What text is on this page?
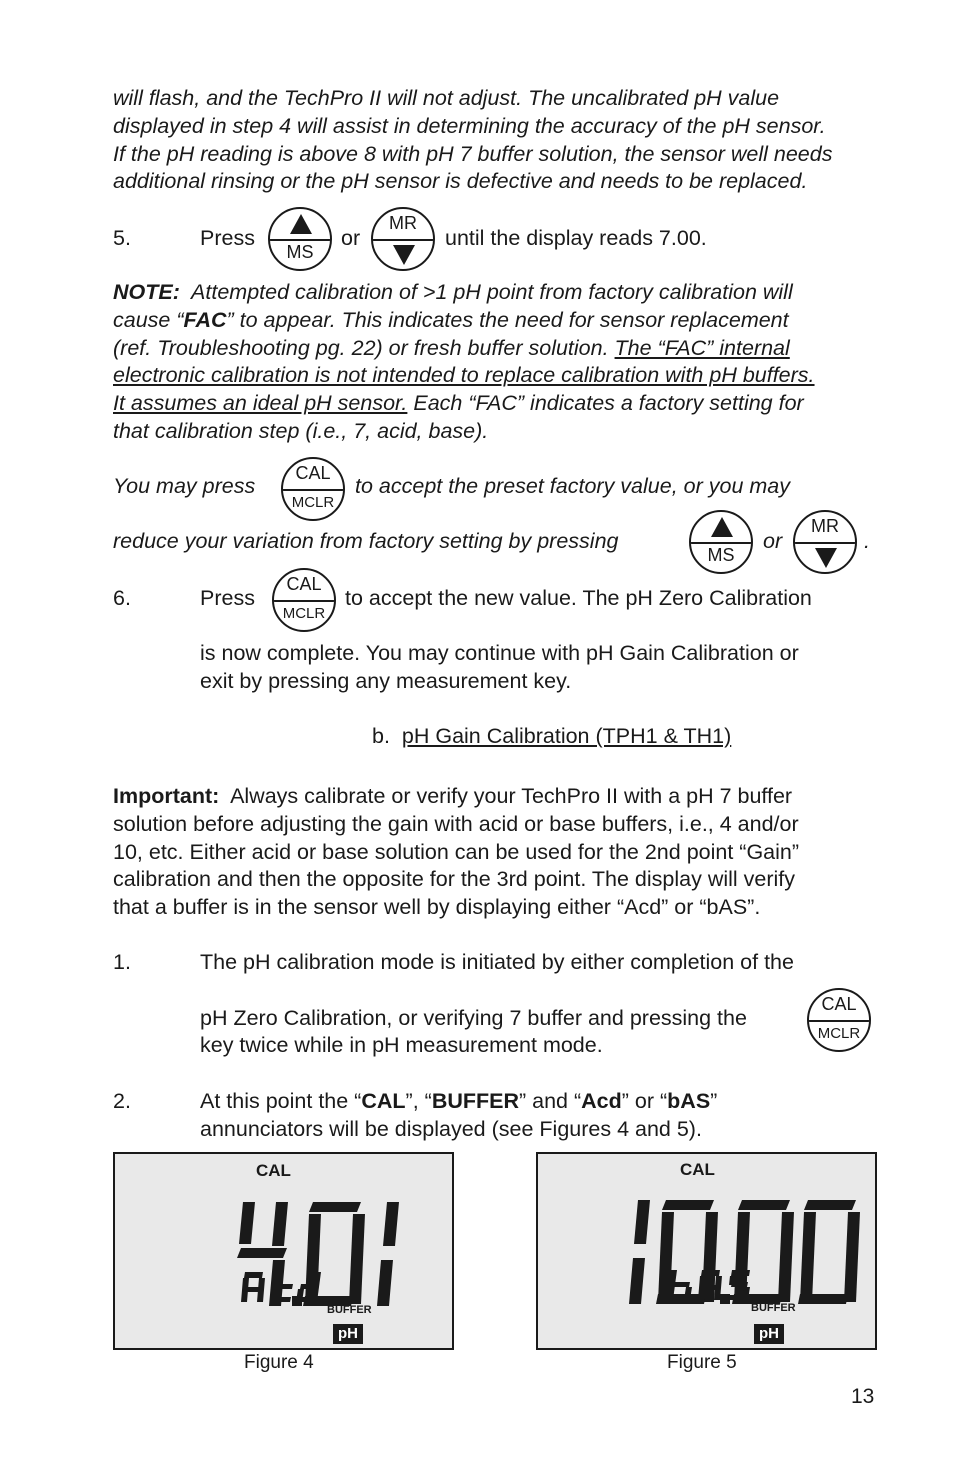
will flash, and the TechPro II will not adjust. The uncalibrated pH value
displayed in step 4 will assist in determining the accuracy of the pH sensor.
If the pH reading is above 8 with pH 7 buffer solution, the sensor well needs
additional rinsing or the pH sensor is defective and needs to be replaced.
5.	Press
MS
or
MR
until the display reads 7.00.
NOTE: Attempted calibration of >1 pH point from factory calibration will
cause “FAC” to appear. This indicates the need for sensor replacement
(ref. Troubleshooting pg. 22) or fresh buffer solution. The “FAC” internal
electronic calibration is not intended to replace calibration with pH buffers.
It assumes an ideal pH sensor. Each “FAC” indicates a factory setting for
that calibration step (i.e., 7, acid, base).
You may press
CAL
MCLR
to accept the preset factory value, or you may
reduce your variation from factory setting by pressing
MS
or
MR
.
6.	Press
CAL
MCLR
to accept the new value. The pH Zero Calibration
is now complete. You may continue with pH Gain Calibration or
exit by pressing any measurement key.
b. pH Gain Calibration (TPH1 & TH1)
Important: Always calibrate or verify your TechPro II with a pH 7 buffer
solution before adjusting the gain with acid or base buffers, i.e., 4 and/or
10, etc. Either acid or base solution can be used for the 2nd point “Gain”
calibration and then the opposite for the 3rd point. The display will verify
that a buffer is in the sensor well by displaying either “Acd” or “bAS”.
1.	The pH calibration mode is initiated by either completion of the
pH Zero Calibration, or verifying 7 buffer and pressing the
CAL
MCLR
key twice while in pH measurement mode.
2.	At this point the “CAL”, “BUFFER” and “Acd” or “bAS”
annunciators will be displayed (see Figures 4 and 5).
CAL
BUFFER
pH
Figure 4
CAL
BUFFER
pH
Figure 5
13
